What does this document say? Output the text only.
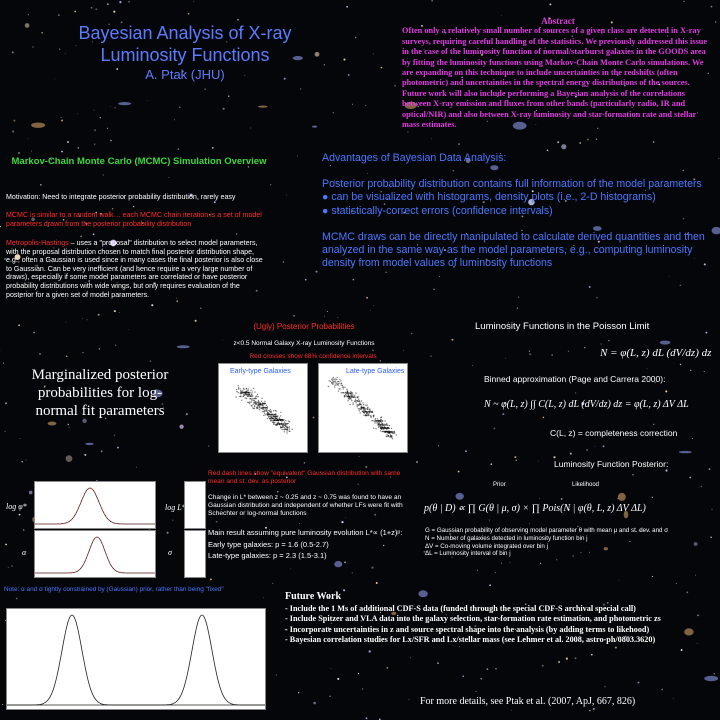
Bayesian Analysis of X-ray Luminosity Functions
A. Ptak (JHU)
Abstract
Often only a relatively small number of sources of a given class are detected in X-ray surveys, requiring careful handling of the statistics. We previously addressed this issue in the case of the luminosity function of normal/starburst galaxies in the GOODS area by fitting the luminosity functions using Markov-Chain Monte Carlo simulations. We are expanding on this technique to include uncertainties in the redshifts (often photometric) and uncertainties in the spectral energy distributions of the sources. Future work will also include performing a Bayesian analysis of the correlations between X-ray emission and fluxes from other bands (particularly radio, IR and optical/NIR) and also between X-ray luminosity and star-formation rate and stellar mass estimates.
Markov-Chain Monte Carlo (MCMC) Simulation Overview
Motivation: Need to integrate posterior probability distribution, rarely easy
MCMC is similar to a random walk… each MCMC chain iteration is a set of model parameters drawn from the posterior probability distribution
Metropolis-Hastings – uses a "proposal" distribution to select model parameters, with the proposal distribution chosen to match final posterior distribution shape, e.g., often a Gaussian is used since in many cases the final posterior is also close to Gaussian. Can be very inefficient (and hence require a very large number of draws), especially if some model parameters are correlated or have posterior probability distributions with wide wings, but only requires evaluation of the posterior for a given set of model parameters.

Advantages of Bayesian Data Analysis:

Posterior probability distribution contains full information of the model parameters

● can be visualized with histograms, density plots (i.e., 2-D histograms)

● statistically-correct errors (confidence intervals)

MCMC draws can be directly manipulated to calculate derived quantities and then analyzed in the same way as the model parameters, e.g., computing luminosity density from model values of luminosity functions

(Ugly) Posterior Probabilities
z<0.5 Normal Galaxy X-ray Luminosity Functions
Red crosses show 68% confidence intervals
Early-type Galaxies	Late-type Galaxies
Marginalized posterior probabilities for log-normal fit parameters
log φ*	log L*
α	σ
Red dash lines show "equivalent" Gaussian distribution with same mean and st. dev. as posterior
Change in L* between z ~ 0.25 and z ~ 0.75 was found to have an Gaussian distribution and independent of whether LFs were fit with Schechter or log-normal functions
Main result assuming pure luminosity evolution L*∝ (1+z)ᵖ:
Early type galaxies: p = 1.6 (0.5-2.7)
Late-type galaxies: p = 2.3 (1.5-3.1)
Note: α and σ tightly constrained by (Gaussian) prior, rather than being "fixed"
Luminosity Functions in the Poisson Limit
N = φ(L, z) dL (dV/dz) dz
Binned approximation (Page and Carrera 2000):
N ~ φ(L, z) ∫∫ C(L, z) dL (dV/dz) dz = φ(L, z) ΔV ΔL
C(L, z) = completeness correction
Luminosity Function Posterior:
Prior	Likelihood
p(θ | D) ∝ ∏ G(θ | μ, σ) × ∏ Pois(N | φ(θ, L, z) ΔV ΔL)
G = Gaussian probability of observing model parameter θ with mean μ and st. dev. and σ
N = Number of galaxies detected in luminosity function bin j
ΔV = Co-moving volume integrated over bin j
ΔL = Luminosity interval of bin j
Future Work
- Include the 1 Ms of additional CDF-S data (funded through the special CDF-S archival special call)
- Include Spitzer and VLA data into the galaxy selection, star-formation rate estimation, and photometric zs
- Incorporate uncertainties in z and source spectral shape into the analysis (by adding terms to likehood)
- Bayesian correlation studies for Lx/SFR and Lx/stellar mass (see Lehmer et al. 2008, astro-ph/0803.3620)
For more details, see Ptak et al. (2007, ApJ, 667, 826)
